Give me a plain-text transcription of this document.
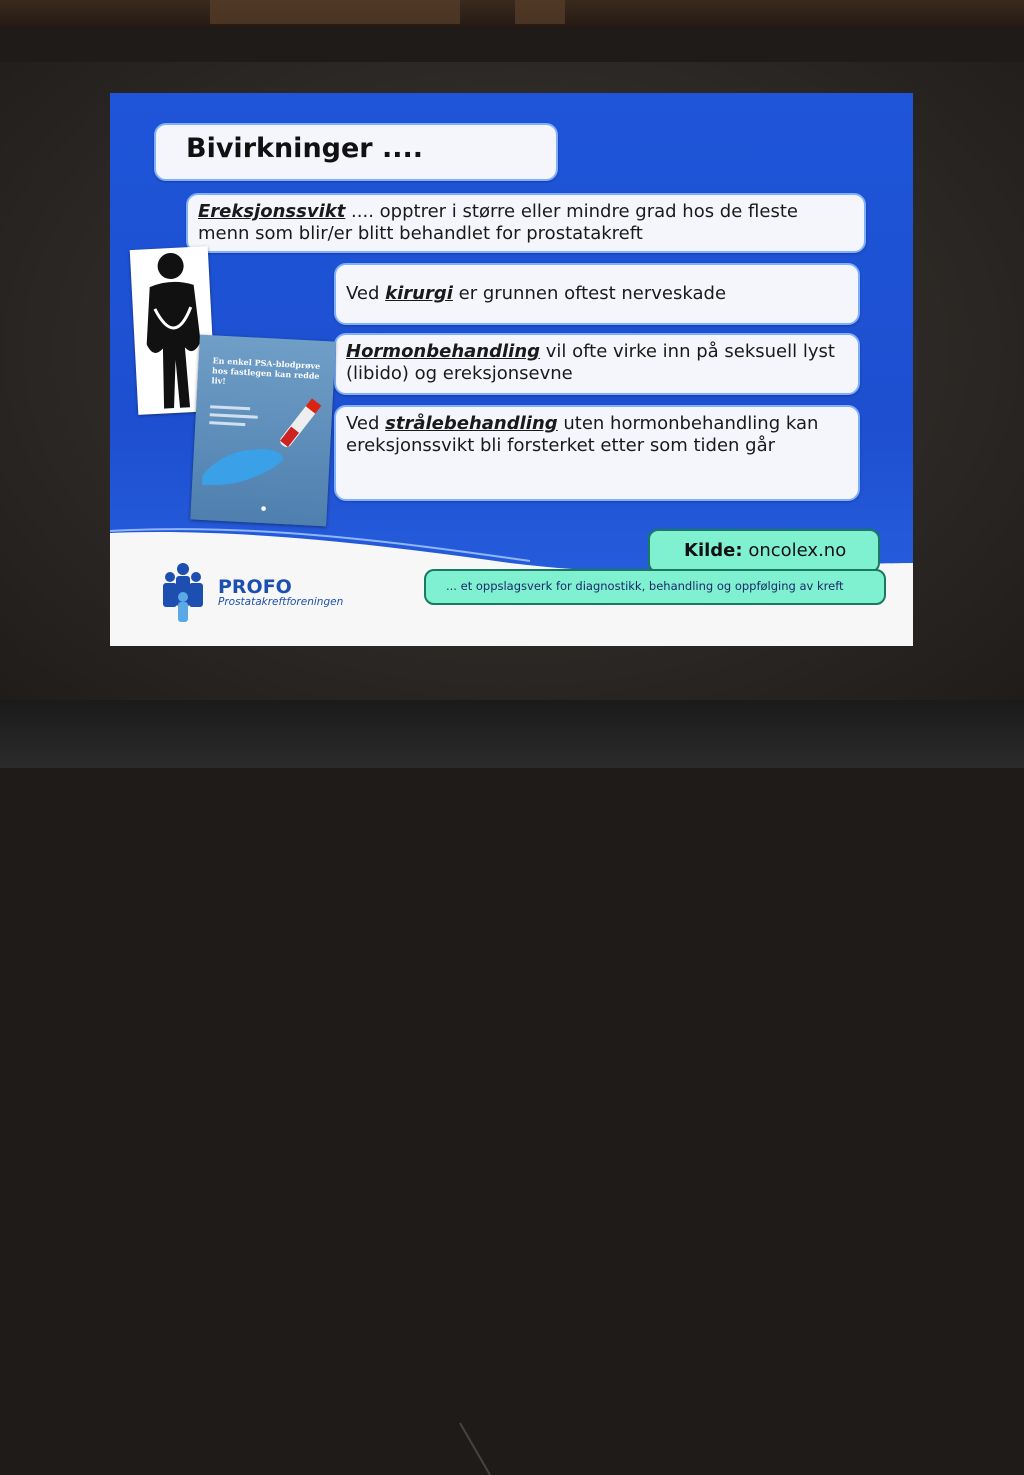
Bivirkninger ....
Ereksjonssvikt .... opptrer i større eller mindre grad hos de fleste menn som blir/er blitt behandlet for prostatakreft
Ved kirurgi er grunnen oftest nerveskade
Hormonbehandling vil ofte virke inn på seksuell lyst (libido) og ereksjonsevne
Ved strålebehandling uten hormonbehandling kan ereksjonssvikt bli forsterket etter som tiden går
En enkel PSA-blodprøve hos fastlegen kan redde liv!
●
Kilde: oncolex.no
... et oppslagsverk for diagnostikk, behandling og oppfølging av kreft
PROFO
Prostatakreftforeningen
